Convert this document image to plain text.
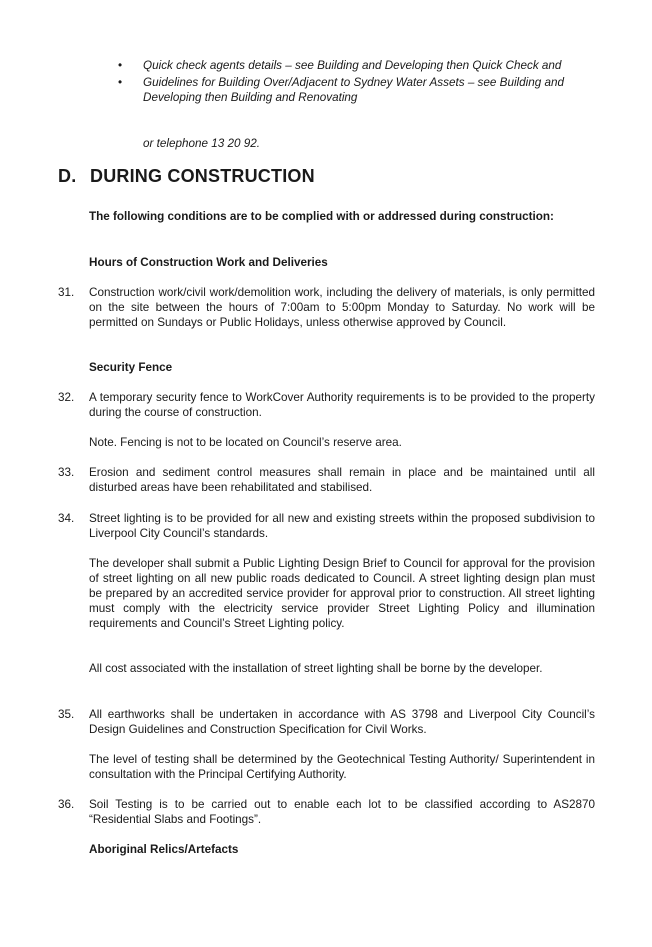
• Quick check agents details – see Building and Developing then Quick Check and
• Guidelines for Building Over/Adjacent to Sydney Water Assets – see Building and Developing then Building and Renovating
or telephone 13 20 92.
D. DURING CONSTRUCTION
The following conditions are to be complied with or addressed during construction:
Hours of Construction Work and Deliveries
31.	Construction work/civil work/demolition work, including the delivery of materials, is only permitted on the site between the hours of 7:00am to 5:00pm Monday to Saturday. No work will be permitted on Sundays or Public Holidays, unless otherwise approved by Council.
Security Fence
32.	A temporary security fence to WorkCover Authority requirements is to be provided to the property during the course of construction.
Note. Fencing is not to be located on Council’s reserve area.
33.	Erosion and sediment control measures shall remain in place and be maintained until all disturbed areas have been rehabilitated and stabilised.
34.	Street lighting is to be provided for all new and existing streets within the proposed subdivision to Liverpool City Council’s standards.
The developer shall submit a Public Lighting Design Brief to Council for approval for the provision of street lighting on all new public roads dedicated to Council. A street lighting design plan must be prepared by an accredited service provider for approval prior to construction. All street lighting must comply with the electricity service provider Street Lighting Policy and illumination requirements and Council’s Street Lighting policy.
All cost associated with the installation of street lighting shall be borne by the developer.
35.	All earthworks shall be undertaken in accordance with AS 3798 and Liverpool City Council’s Design Guidelines and Construction Specification for Civil Works.
The level of testing shall be determined by the Geotechnical Testing Authority/ Superintendent in consultation with the Principal Certifying Authority.
36.	Soil Testing is to be carried out to enable each lot to be classified according to AS2870 “Residential Slabs and Footings”.
Aboriginal Relics/Artefacts
